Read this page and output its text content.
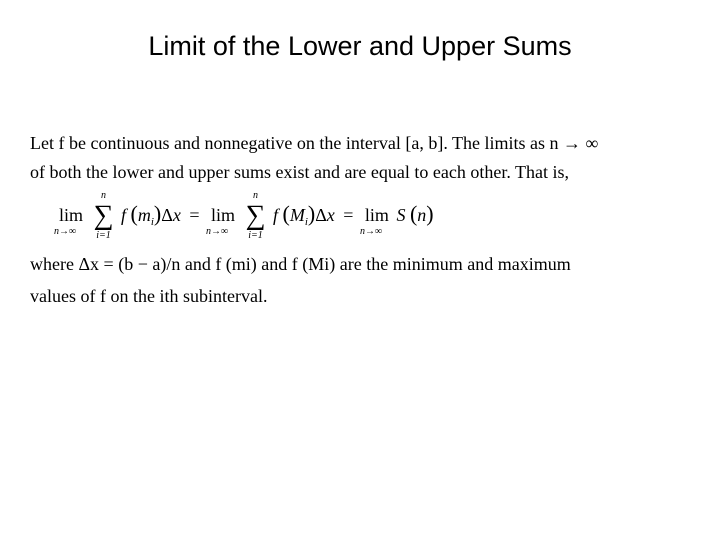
Limit of the Lower and Upper Sums
Let f be continuous and nonnegative on the interval [a, b]. The limits as n → ∞
of both the lower and upper sums exist and are equal to each other. That is,
lim
n→∞

n
∑
i=1
f $(m_i)\Delta x = \lim$
n→∞

n
∑
i=1
f $(M_i)\Delta x = \lim$
n→∞
S (n)
where Δx = (b − a)/n and f (mi) and f (Mi) are the minimum and maximum
values of f on the ith subinterval.
